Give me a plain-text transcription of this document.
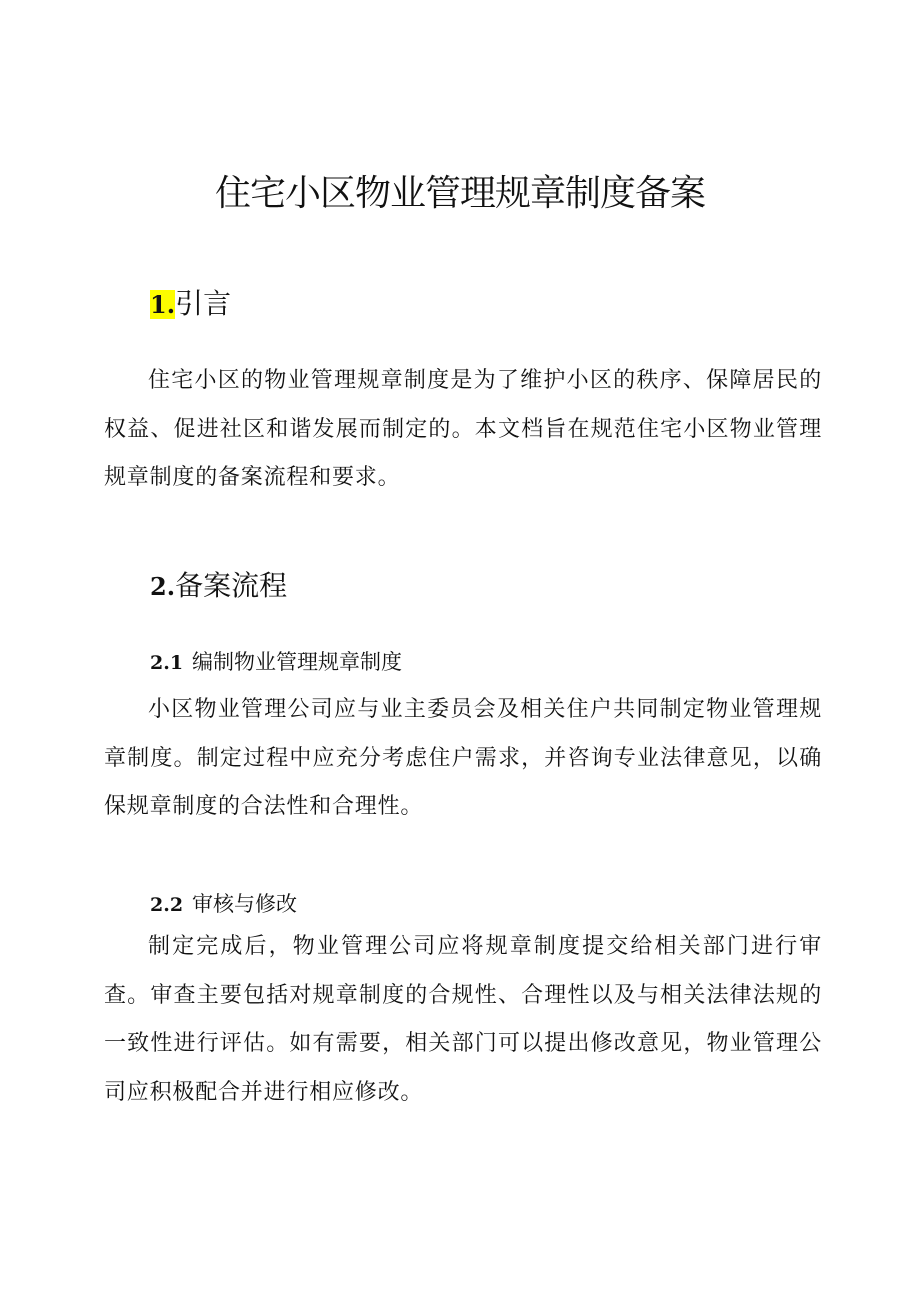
住宅小区物业管理规章制度备案
1.引言

住宅小区的物业管理规章制度是为了维护小区的秩序、保障居民的权益、促进社区和谐发展而制定的。本文档旨在规范住宅小区物业管理规章制度的备案流程和要求。

2.备案流程
2.1 编制物业管理规章制度

小区物业管理公司应与业主委员会及相关住户共同制定物业管理规章制度。制定过程中应充分考虑住户需求，并咨询专业法律意见，以确保规章制度的合法性和合理性。

2.2 审核与修改

制定完成后，物业管理公司应将规章制度提交给相关部门进行审查。审查主要包括对规章制度的合规性、合理性以及与相关法律法规的一致性进行评估。如有需要，相关部门可以提出修改意见，物业管理公司应积极配合并进行相应修改。
